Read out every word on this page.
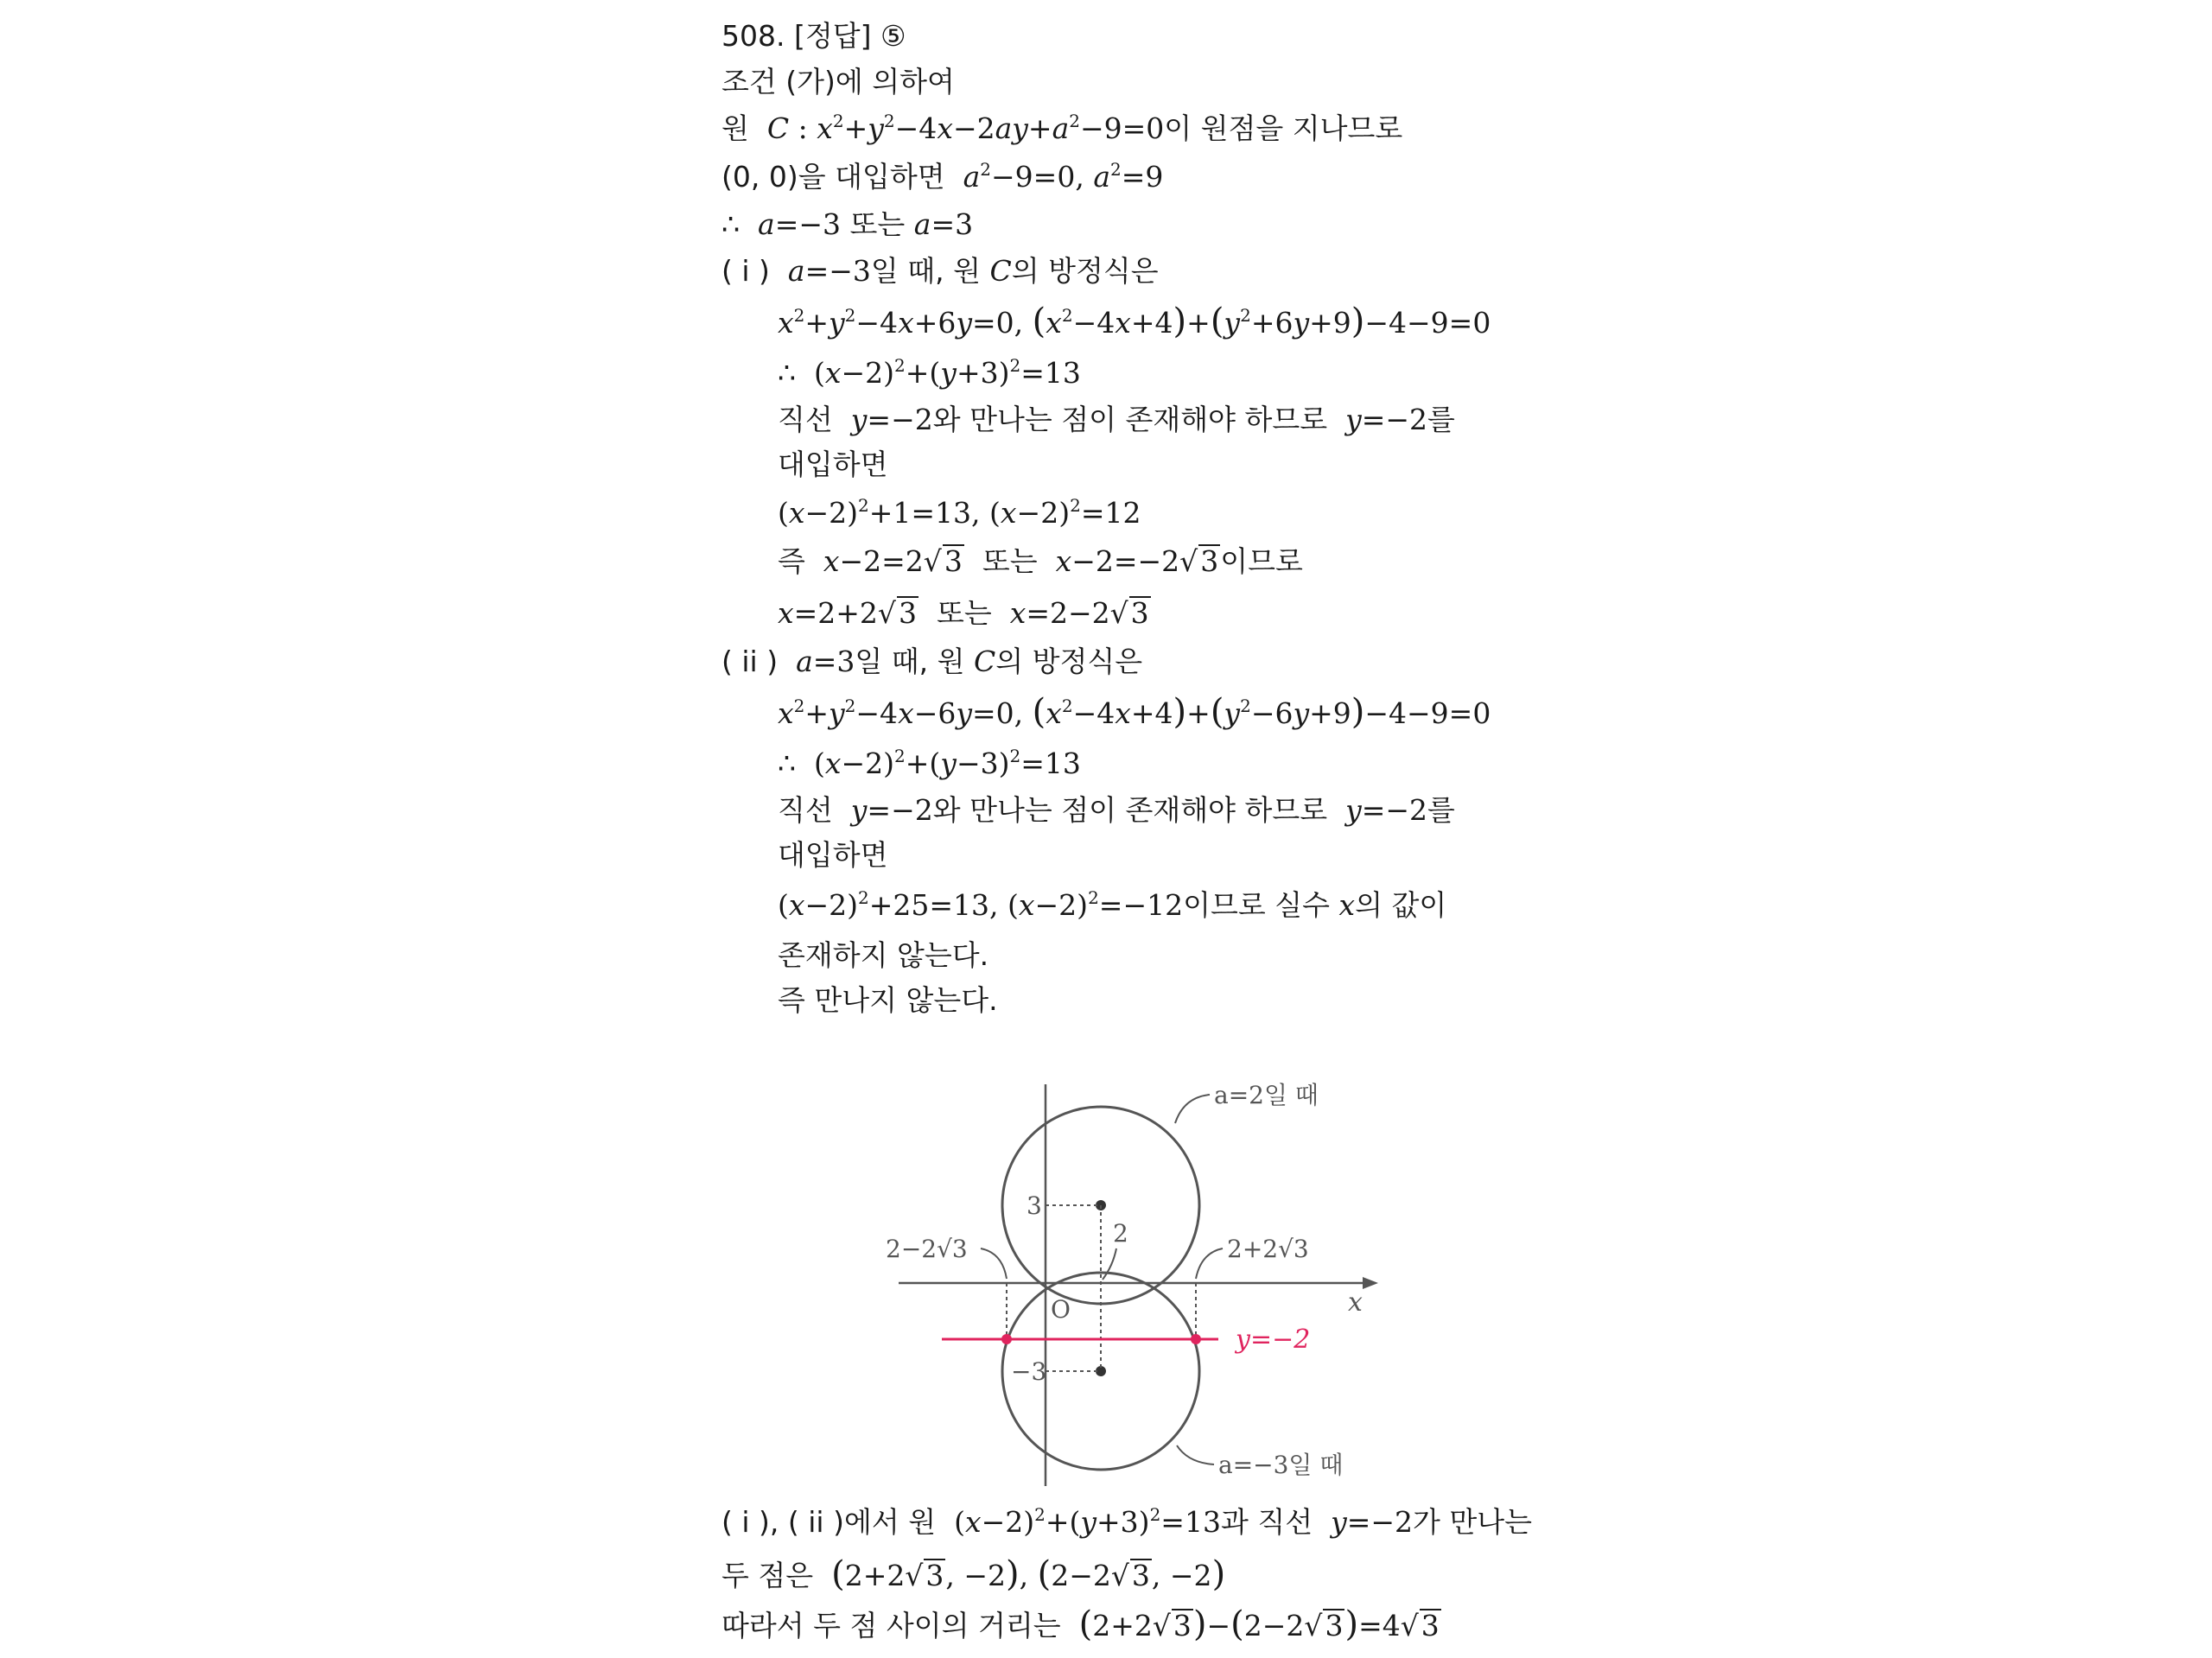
508. [정답] ⑤
조건 (가)에 의하여
원 C : $x^2+y^2-4x-2ay+a^2-9=0$이 원점을 지나므로
(0, 0)을 대입하면 $a^2-9=0$, $a^2=9$
∴ a=−3 또는 a=3
( i ) a=−3일 때, 원 C의 방정식은
$x^2+y^2-4x+6y=0$, $(x^2-4x+4)+(y^2+6y+9)-4-9=0$
∴  $(x-2)^2+(y+3)^2=13$
직선 y=−2와 만나는 점이 존재해야 하므로 y=−2를
대입하면
$(x-2)^2+1=13$, $(x-2)^2=12$
즉 x−2=2√3 또는 x−2=−2√3이므로
x=2+2√3 또는 x=2−2√3
( ii ) a=3일 때, 원 C의 방정식은
$x^2+y^2-4x-6y=0$, $(x^2-4x+4)+(y^2-6y+9)-4-9=0$
∴  $(x-2)^2+(y-3)^2=13$
직선 y=−2와 만나는 점이 존재해야 하므로 y=−2를
대입하면
$(x-2)^2+25=13$, $(x-2)^2=-12$이므로 실수 x의 값이
존재하지 않는다.
즉 만나지 않는다.
( i ), ( ii )에서 원  $(x-2)^2+(y+3)^2=13$과 직선 y=−2가 만나는
두 점은 (2+2√3, −2), (2−2√3, −2)
따라서 두 점 사이의 거리는 (2+2√3)−(2−2√3)=4√3
a=2일 때
a=−3일 때
y=−2
x
O
3
−3
2
2−2√3	2+2√3
